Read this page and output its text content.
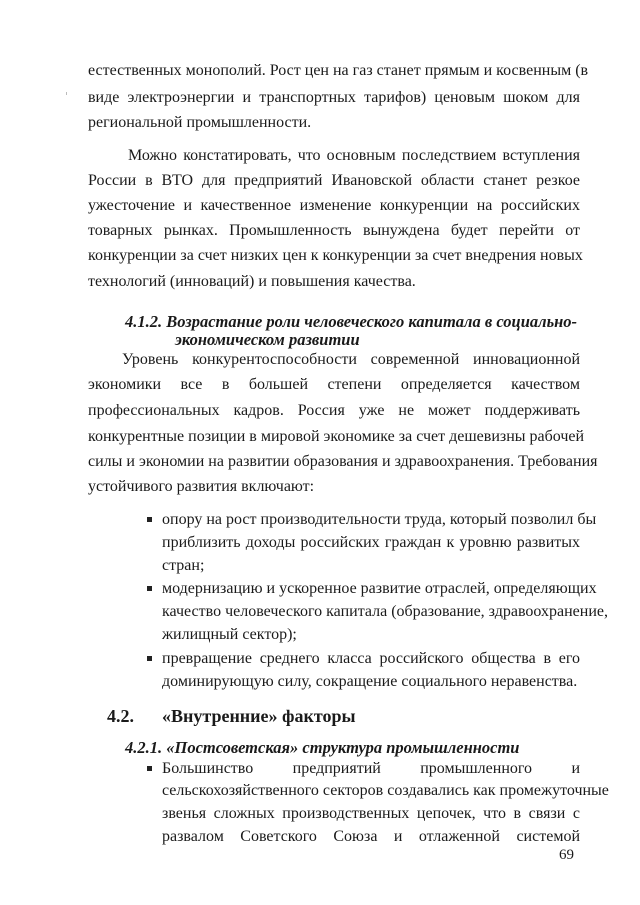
естественных монополий. Рост цен на газ станет прямым и косвенным (в
виде электроэнергии и транспортных тарифов) ценовым шоком для
региональной промышленности.
Можно констатировать, что основным последствием вступления
России в ВТО для предприятий Ивановской области станет резкое
ужесточение и качественное изменение конкуренции на российских
товарных рынках. Промышленность вынуждена будет перейти от
конкуренции за счет низких цен к конкуренции за счет внедрения новых
технологий (инноваций) и повышения качества.
4.1.2. Возрастание роли человеческого капитала в социально-
экономическом развитии
Уровень конкурентоспособности современной инновационной
экономики все в большей степени определяется качеством
профессиональных кадров. Россия уже не может поддерживать
конкурентные позиции в мировой экономике за счет дешевизны рабочей
силы и экономии на развитии образования и здравоохранения. Требования
устойчивого развития включают:
опору на рост производительности труда, который позволил бы
приблизить доходы российских граждан к уровню развитых
стран;
модернизацию и ускоренное развитие отраслей, определяющих
качество человеческого капитала (образование, здравоохранение,
жилищный сектор);
превращение среднего класса российского общества в его
доминирующую силу, сокращение социального неравенства.
4.2. «Внутренние» факторы
4.2.1. «Постсоветская» структура промышленности
Большинство предприятий промышленного и
сельскохозяйственного секторов создавались как промежуточные
звенья сложных производственных цепочек, что в связи с
развалом Советского Союза и отлаженной системой
69
